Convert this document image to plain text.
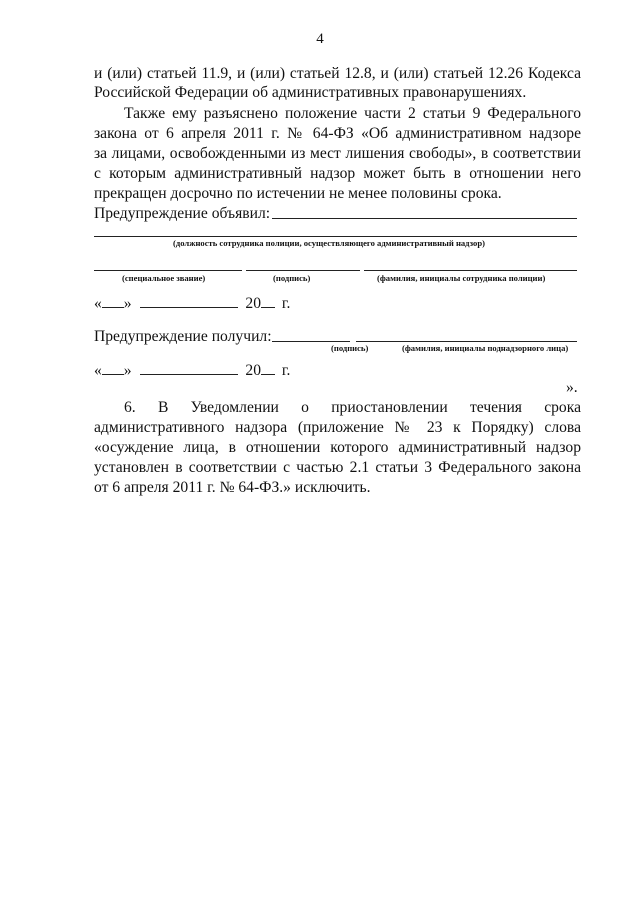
4
и (или) статьей 11.9, и (или) статьей 12.8, и (или) статьей 12.26 Кодекса
Российской Федерации об административных правонарушениях.
Также ему разъяснено положение части 2 статьи 9 Федерального
закона от 6 апреля 2011 г. № 64-ФЗ «Об административном надзоре
за лицами, освобожденными из мест лишения свободы», в соответствии
с которым административный надзор может быть в отношении него
прекращен досрочно по истечении не менее половины срока.
Предупреждение объявил:
(должность сотрудника полиции, осуществляющего административный надзор)
(специальное звание)	(подпись)	(фамилия, инициалы сотрудника полиции)
« »	20 г.
Предупреждение получил:
(подпись)	(фамилия, инициалы поднадзорного лица)
« »	20 г.
».
6. В Уведомлении о приостановлении течения срока
административного надзора (приложение № 23 к Порядку) слова
«осуждение лица, в отношении которого административный надзор
установлен в соответствии с частью 2.1 статьи 3 Федерального закона
от 6 апреля 2011 г. № 64-ФЗ.» исключить.
